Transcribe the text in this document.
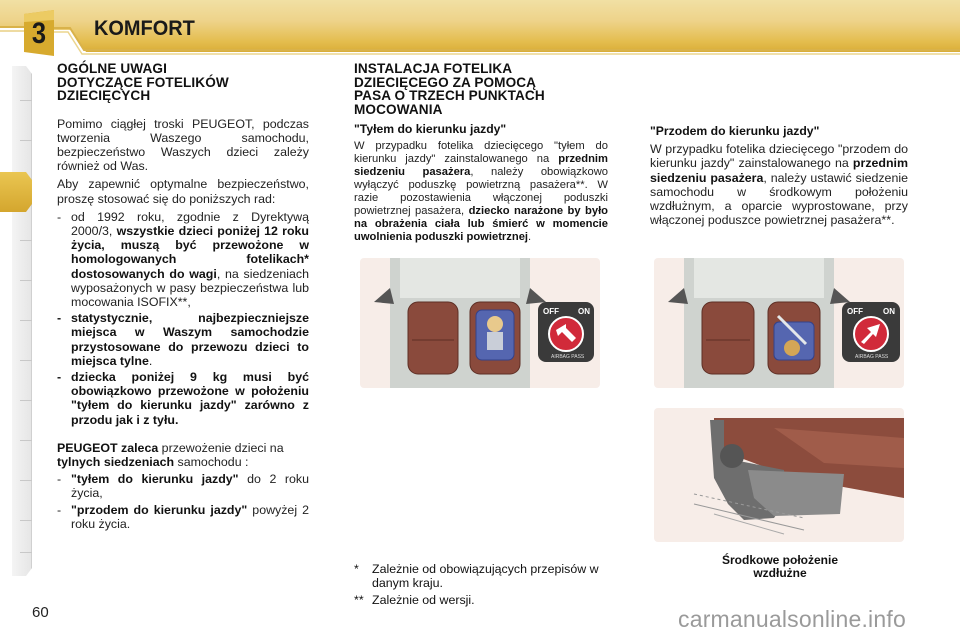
3 KOMFORT
OGÓLNE UWAGI
DOTYCZĄCE FOTELIKÓW
DZIECIĘCYCH

Pomimo ciągłej troski PEUGEOT, podczas tworzenia Waszego samochodu, bezpieczeństwo Waszych dzieci zależy również od Was.

Aby zapewnić optymalne bezpieczeństwo, proszę stosować się do poniższych rad:

- od 1992 roku, zgodnie z Dyrektywą 2000/3, wszystkie dzieci poniżej 12 roku życia, muszą być przewożone w homologowanych fotelikach* dostosowanych do wagi, na siedzeniach wyposażonych w pasy bezpieczeństwa lub mocowania ISOFIX**,
- statystycznie, najbezpieczniejsze miejsca w Waszym samochodzie przystosowane do przewozu dzieci to miejsca tylne.
- dziecka poniżej 9 kg musi być obowiązkowo przewożone w położeniu "tyłem do kierunku jazdy" zarówno z przodu jak i z tyłu.

PEUGEOT zaleca przewożenie dzieci na tylnych siedzeniach samochodu :

- "tyłem do kierunku jazdy" do 2 roku życia,
- "przodem do kierunku jazdy" powyżej 2 roku życia.
INSTALACJA FOTELIKA
DZIECIĘCEGO ZA POMOCĄ
PASA O TRZECH PUNKTACH
MOCOWANIA
"Tyłem do kierunku jazdy"

W przypadku fotelika dziecięcego "tyłem do kierunku jazdy" zainstalowanego na przednim siedzeniu pasażera, należy obowiązkowo wyłączyć poduszkę powietrzną pasażera**. W razie pozostawienia włączonej poduszki powietrznej pasażera, dziecko narażone by było na obrażenia ciała lub śmierć w momencie uwolnienia poduszki powietrznej.

"Przodem do kierunku jazdy"

W przypadku fotelika dziecięcego "przodem do kierunku jazdy" zainstalowanego na przednim siedzeniu pasażera, należy ustawić siedzenie samochodu w środkowym położeniu wzdłużnym, a oparcie wyprostowane, przy włączonej poduszce powietrznej pasażera**.

OFF ON
AIRBAG PASS
OFF	ON
AIRBAG PASS
Środkowe położenie
wzdłużne
* Zależnie od obowiązujących przepisów w danym kraju.
** Zależnie od wersji.
60	carmanualsonline.info
